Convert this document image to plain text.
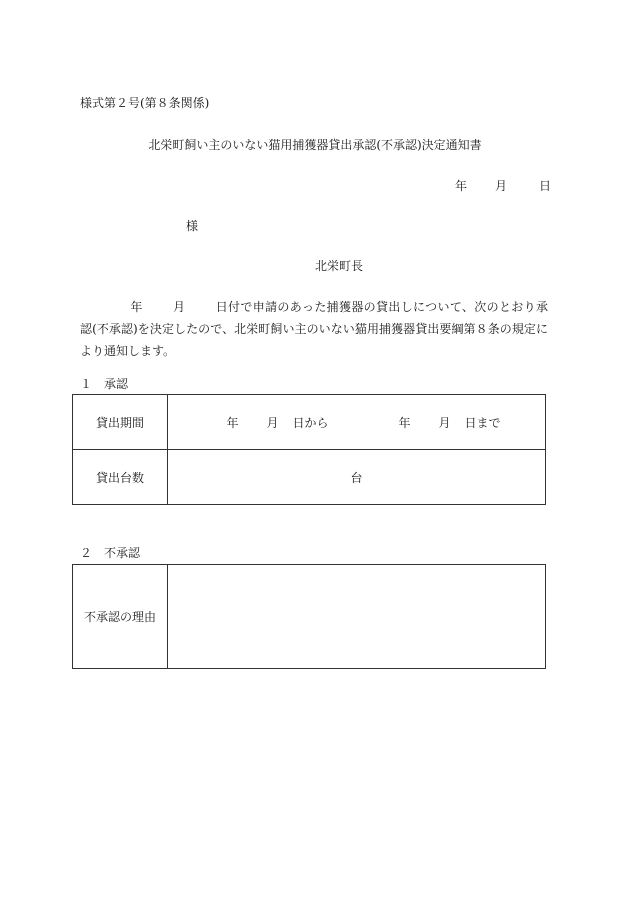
様式第２号(第８条関係)
北栄町飼い主のいない猫用捕獲器貸出承認(不承認)決定通知書
年 月	日
様
北栄町長
年	月	日付で申請のあった捕獲器の貸出しについて、次のとおり承認(不承認)を決定したので、北栄町飼い主のいない猫用捕獲器貸出要綱第８条の規定により通知します。
１　承認
貸出期間	年 月 日から 年 月 日まで
貸出台数	台
２　不承認
不承認の理由	
